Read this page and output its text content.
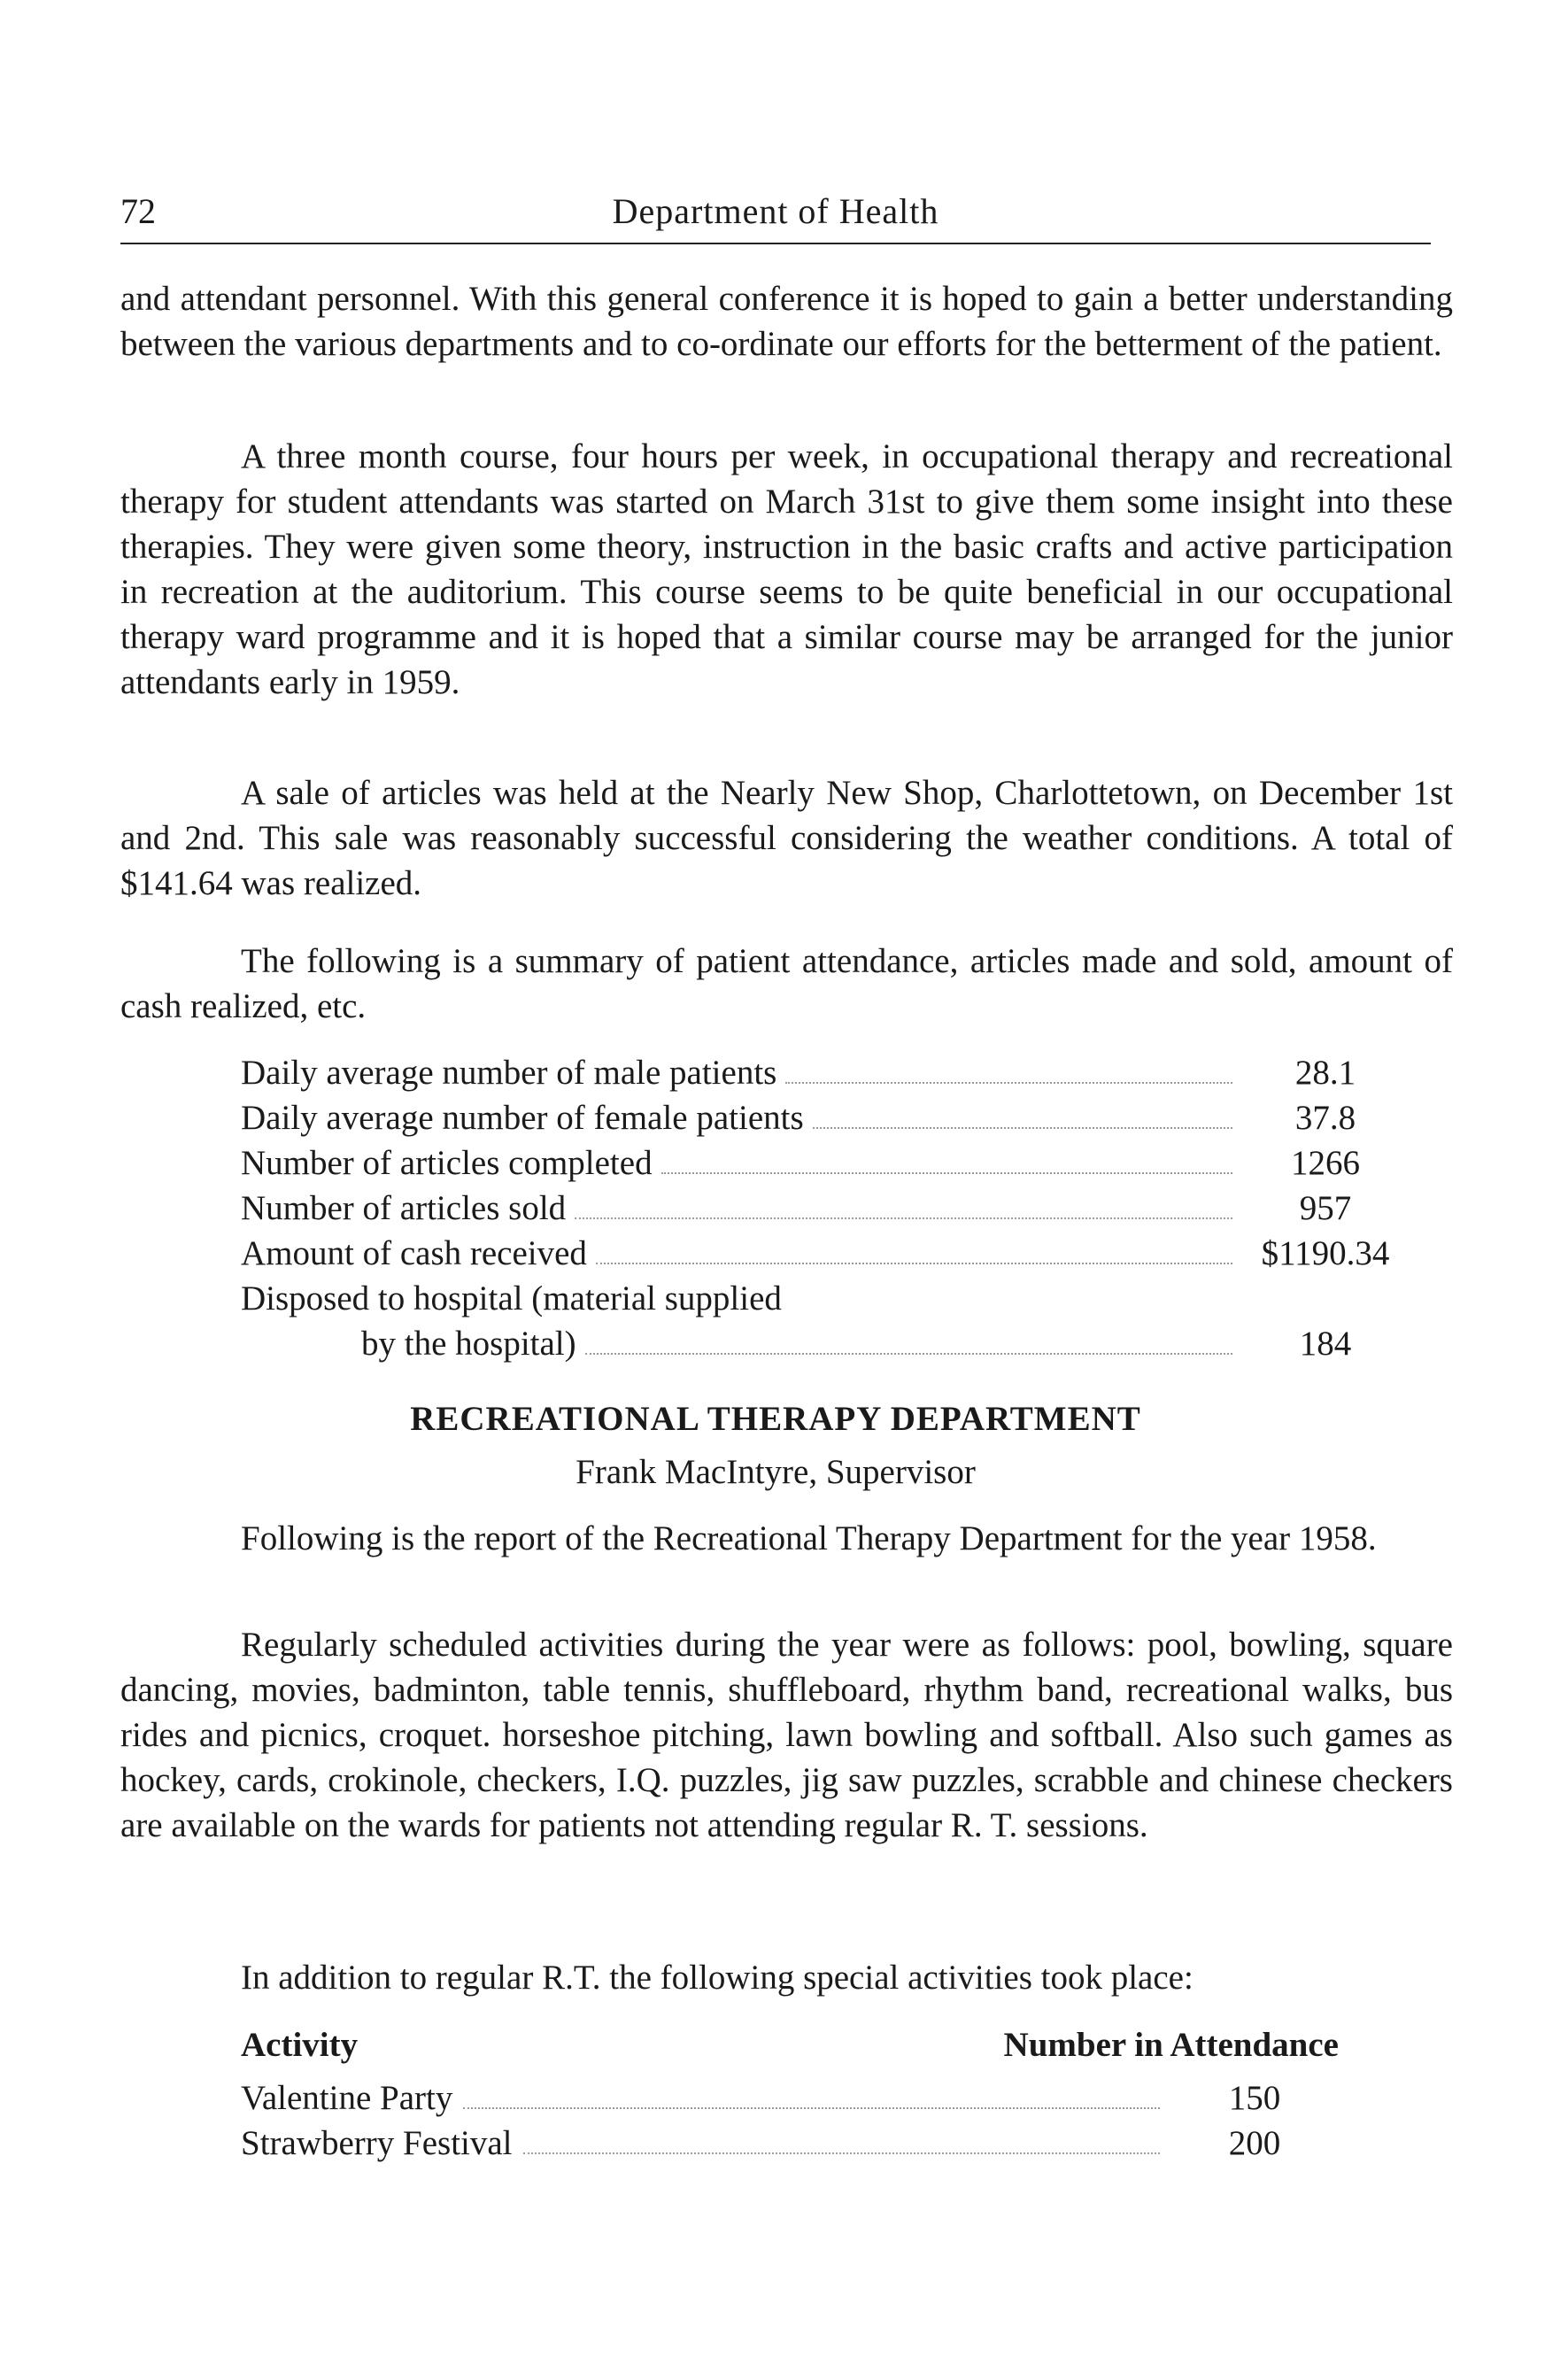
72	Department of Health

and attendant personnel. With this general conference it is hoped to gain a better understanding between the various departments and to co-ordinate our efforts for the betterment of the patient.

A three month course, four hours per week, in occupational therapy and recreational therapy for student attendants was started on March 31st to give them some insight into these therapies. They were given some theory, instruction in the basic crafts and active participation in recreation at the auditorium. This course seems to be quite beneficial in our occupational therapy ward programme and it is hoped that a similar course may be arranged for the junior attendants early in 1959.

A sale of articles was held at the Nearly New Shop, Charlottetown, on December 1st and 2nd. This sale was reasonably successful considering the weather conditions. A total of $141.64 was realized.

The following is a summary of patient attendance, articles made and sold, amount of cash realized, etc.

Daily average number of male patients	28.1
Daily average number of female patients	37.8
Number of articles completed	1266
Number of articles sold	957
Amount of cash received	$1190.34
Disposed to hospital (material supplied
by the hospital)	184
RECREATIONAL THERAPY DEPARTMENT
Frank MacIntyre, Supervisor

Following is the report of the Recreational Therapy Department for the year 1958.

Regularly scheduled activities during the year were as follows: pool, bowling, square dancing, movies, badminton, table tennis, shuffleboard, rhythm band, recreational walks, bus rides and picnics, croquet. horseshoe pitching, lawn bowling and softball. Also such games as hockey, cards, crokinole, checkers, I.Q. puzzles, jig saw puzzles, scrabble and chinese checkers are available on the wards for patients not attending regular R. T. sessions.

In addition to regular R.T. the following special activities took place:

Activity	Number in Attendance
Valentine Party	150
Strawberry Festival	200
